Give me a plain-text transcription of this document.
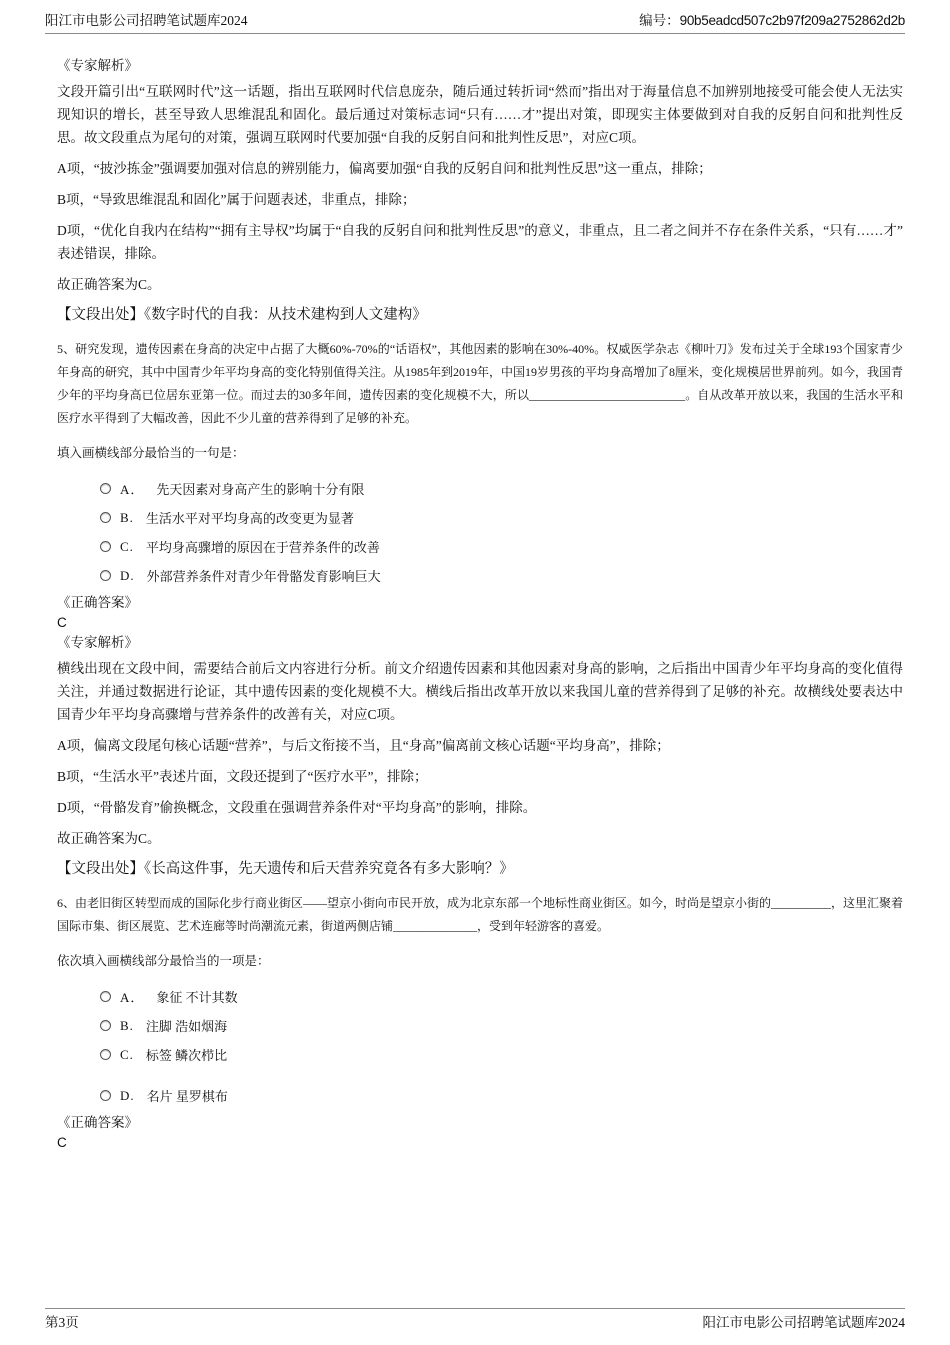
阳江市电影公司招聘笔试题库2024	编号：90b5eadcd507c2b97f209a2752862d2b
《专家解析》
文段开篇引出“互联网时代”这一话题，指出互联网时代信息庞杂，随后通过转折词“然而”指出对于海量信息不加辨别地接受可能会使人无法实现知识的增长，甚至导致人思维混乱和固化。最后通过对策标志词“只有……才”提出对策，即现实主体要做到对自我的反躬自问和批判性反思。故文段重点为尾句的对策，强调互联网时代要加强“自我的反躬自问和批判性反思”，对应C项。
A项，“披沙拣金”强调要加强对信息的辨别能力，偏离要加强“自我的反躬自问和批判性反思”这一重点，排除；
B项，“导致思维混乱和固化”属于问题表述，非重点，排除；
D项，“优化自我内在结构”“拥有主导权”均属于“自我的反躬自问和批判性反思”的意义，非重点，且二者之间并不存在条件关系，“只有……才”表述错误，排除。
故正确答案为C。
【文段出处】《数字时代的自我：从技术建构到人文建构》
5、研究发现，遗传因素在身高的决定中占据了大概60%-70%的“话语权”，其他因素的影响在30%-40%。权威医学杂志《柳叶刀》发布过关于全球193个国家青少年身高的研究，其中中国青少年平均身高的变化特别值得关注。从1985年到2019年，中国19岁男孩的平均身高增加了8厘米，变化规模居世界前列。如今，我国青少年的平均身高已位居东亚第一位。而过去的30多年间，遗传因素的变化规模不大，所以__________________________。自从改革开放以来，我国的生活水平和医疗水平得到了大幅改善，因此不少儿童的营养得到了足够的补充。
填入画横线部分最恰当的一句是：
A． 先天因素对身高产生的影响十分有限
B. 生活水平对平均身高的改变更为显著
C. 平均身高骤增的原因在于营养条件的改善
D. 外部营养条件对青少年骨骼发育影响巨大
《正确答案》
C
《专家解析》
横线出现在文段中间，需要结合前后文内容进行分析。前文介绍遗传因素和其他因素对身高的影响，之后指出中国青少年平均身高的变化值得关注，并通过数据进行论证，其中遗传因素的变化规模不大。横线后指出改革开放以来我国儿童的营养得到了足够的补充。故横线处要表达中国青少年平均身高骤增与营养条件的改善有关，对应C项。
A项，偏离文段尾句核心话题“营养”，与后文衔接不当，且“身高”偏离前文核心话题“平均身高”，排除；
B项，“生活水平”表述片面，文段还提到了“医疗水平”，排除；
D项，“骨骼发育”偷换概念，文段重在强调营养条件对“平均身高”的影响，排除。
故正确答案为C。
【文段出处】《长高这件事，先天遗传和后天营养究竟各有多大影响？》
6、由老旧街区转型而成的国际化步行商业街区——望京小街向市民开放，成为北京东部一个地标性商业街区。如今，时尚是望京小街的__________，这里汇聚着国际市集、街区展览、艺术连廊等时尚潮流元素，街道两侧店铺______________，受到年轻游客的喜爱。
依次填入画横线部分最恰当的一项是：
A． 象征 不计其数
B. 注脚 浩如烟海
C. 标签 鳞次栉比
D. 名片 星罗棋布
《正确答案》
C
第3页	阳江市电影公司招聘笔试题库2024
